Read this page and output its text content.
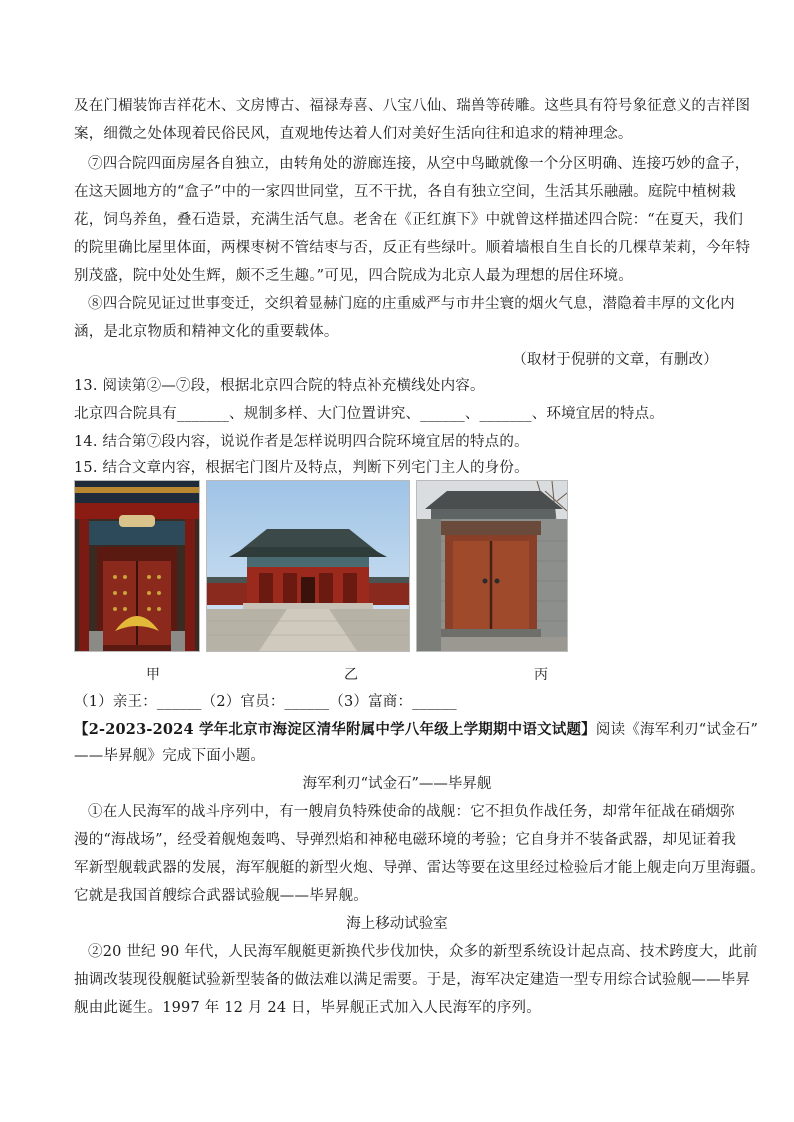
及在门楣装饰吉祥花木、文房博古、福禄寿喜、八宝八仙、瑞兽等砖雕。这些具有符号象征意义的吉祥图
案，细微之处体现着民俗民风，直观地传达着人们对美好生活向往和追求的精神理念。
⑦四合院四面房屋各自独立，由转角处的游廊连接，从空中鸟瞰就像一个分区明确、连接巧妙的盒子，
在这天圆地方的“盒子”中的一家四世同堂，互不干扰，各自有独立空间，生活其乐融融。庭院中植树栽
花，饲鸟养鱼，叠石造景，充满生活气息。老舍在《正红旗下》中就曾这样描述四合院：“在夏天，我们
的院里确比屋里体面，两棵枣树不管结枣与否，反正有些绿叶。顺着墙根自生自长的几棵草茉莉，今年特
别茂盛，院中处处生辉，颇不乏生趣。”可见，四合院成为北京人最为理想的居住环境。
⑧四合院见证过世事变迁，交织着显赫门庭的庄重威严与市井尘寰的烟火气息，潜隐着丰厚的文化内
涵，是北京物质和精神文化的重要载体。
（取材于倪骈的文章，有删改）
13. 阅读第②—⑦段，根据北京四合院的特点补充横线处内容。
北京四合院具有_______、规制多样、大门位置讲究、______、_______、环境宜居的特点。
14. 结合第⑦段内容，说说作者是怎样说明四合院环境宜居的特点的。
15. 结合文章内容，根据宅门图片及特点，判断下列宅门主人的身份。
甲	乙	丙
（1）亲王：______（2）官员：______（3）富商：______
【2-2023-2024 学年北京市海淀区清华附属中学八年级上学期期中语文试题】阅读《海军利刃“试金石”
——毕昇舰》完成下面小题。
海军利刃“试金石”——毕昇舰
①在人民海军的战斗序列中，有一艘肩负特殊使命的战舰：它不担负作战任务，却常年征战在硝烟弥
漫的“海战场”，经受着舰炮轰鸣、导弹烈焰和神秘电磁环境的考验；它自身并不装备武器，却见证着我
军新型舰载武器的发展，海军舰艇的新型火炮、导弹、雷达等要在这里经过检验后才能上舰走向万里海疆。
它就是我国首艘综合武器试验舰——毕昇舰。
海上移动试验室
②20 世纪 90 年代，人民海军舰艇更新换代步伐加快，众多的新型系统设计起点高、技术跨度大，此前
抽调改装现役舰艇试验新型装备的做法难以满足需要。于是，海军决定建造一型专用综合试验舰——毕昇
舰由此诞生。1997 年 12 月 24 日，毕昇舰正式加入人民海军的序列。
